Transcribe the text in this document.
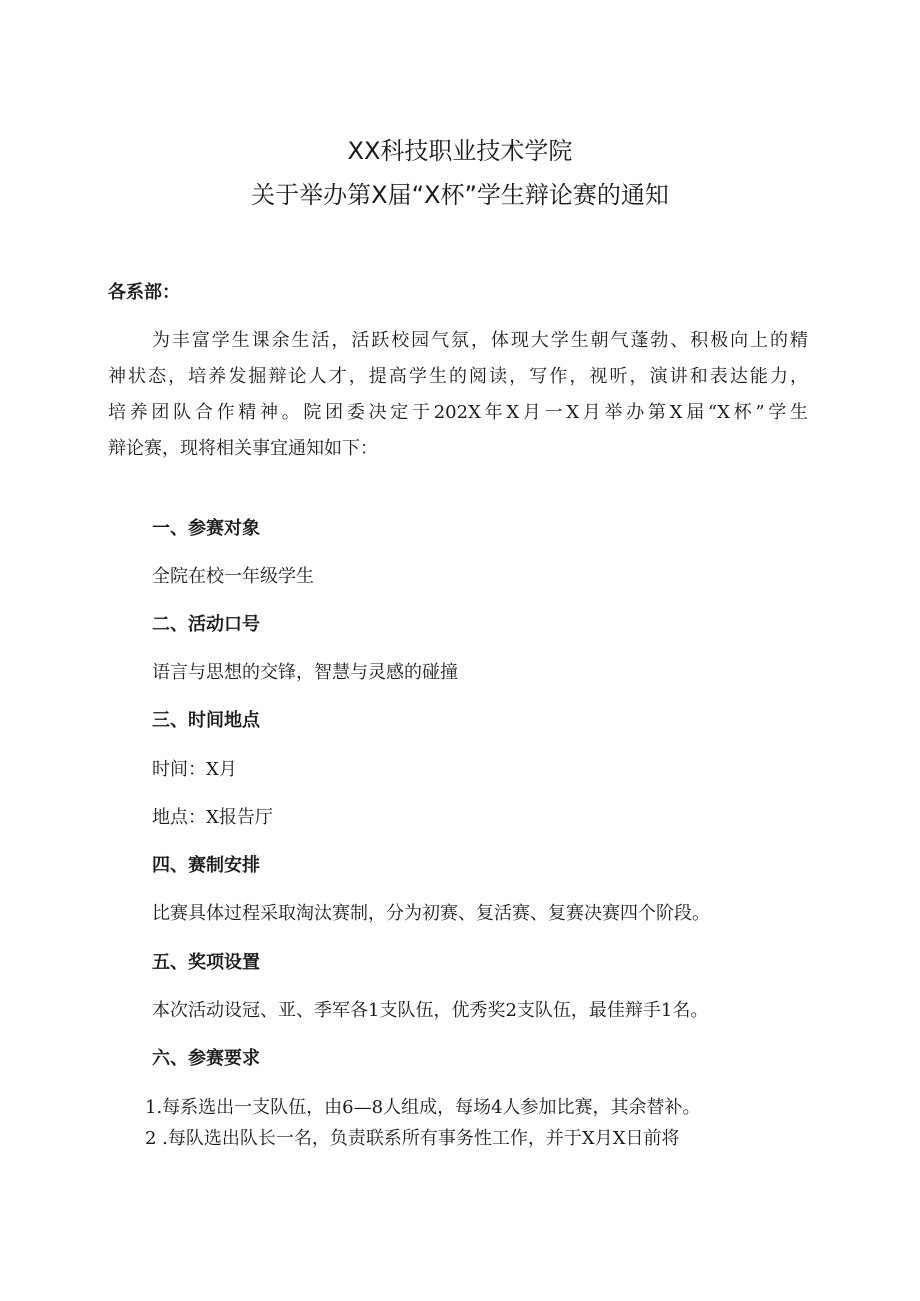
XX科技职业技术学院
关于举办第X届“X杯”学生辩论赛的通知
各系部：
为丰富学生课余生活，活跃校园气氛，体现大学生朝气蓬勃、积极向上的精
神状态，培养发掘辩论人才，提高学生的阅读，写作，视听，演讲和表达能力，
培养团队合作精神。院团委决定于202X年X月一X月举办第X届“X杯”学生
辩论赛，现将相关事宜通知如下：
一、参赛对象
全院在校一年级学生
二、活动口号
语言与思想的交锋，智慧与灵感的碰撞
三、时间地点
时间：X月
地点：X报告厅
四、赛制安排
比赛具体过程采取淘汰赛制，分为初赛、复活赛、复赛决赛四个阶段。
五、奖项设置
本次活动设冠、亚、季军各1支队伍，优秀奖2支队伍，最佳辩手1名。
六、参赛要求
1.每系选出一支队伍，由6—8人组成，每场4人参加比赛，其余替补。
2 .每队选出队长一名，负责联系所有事务性工作，并于X月X日前将
